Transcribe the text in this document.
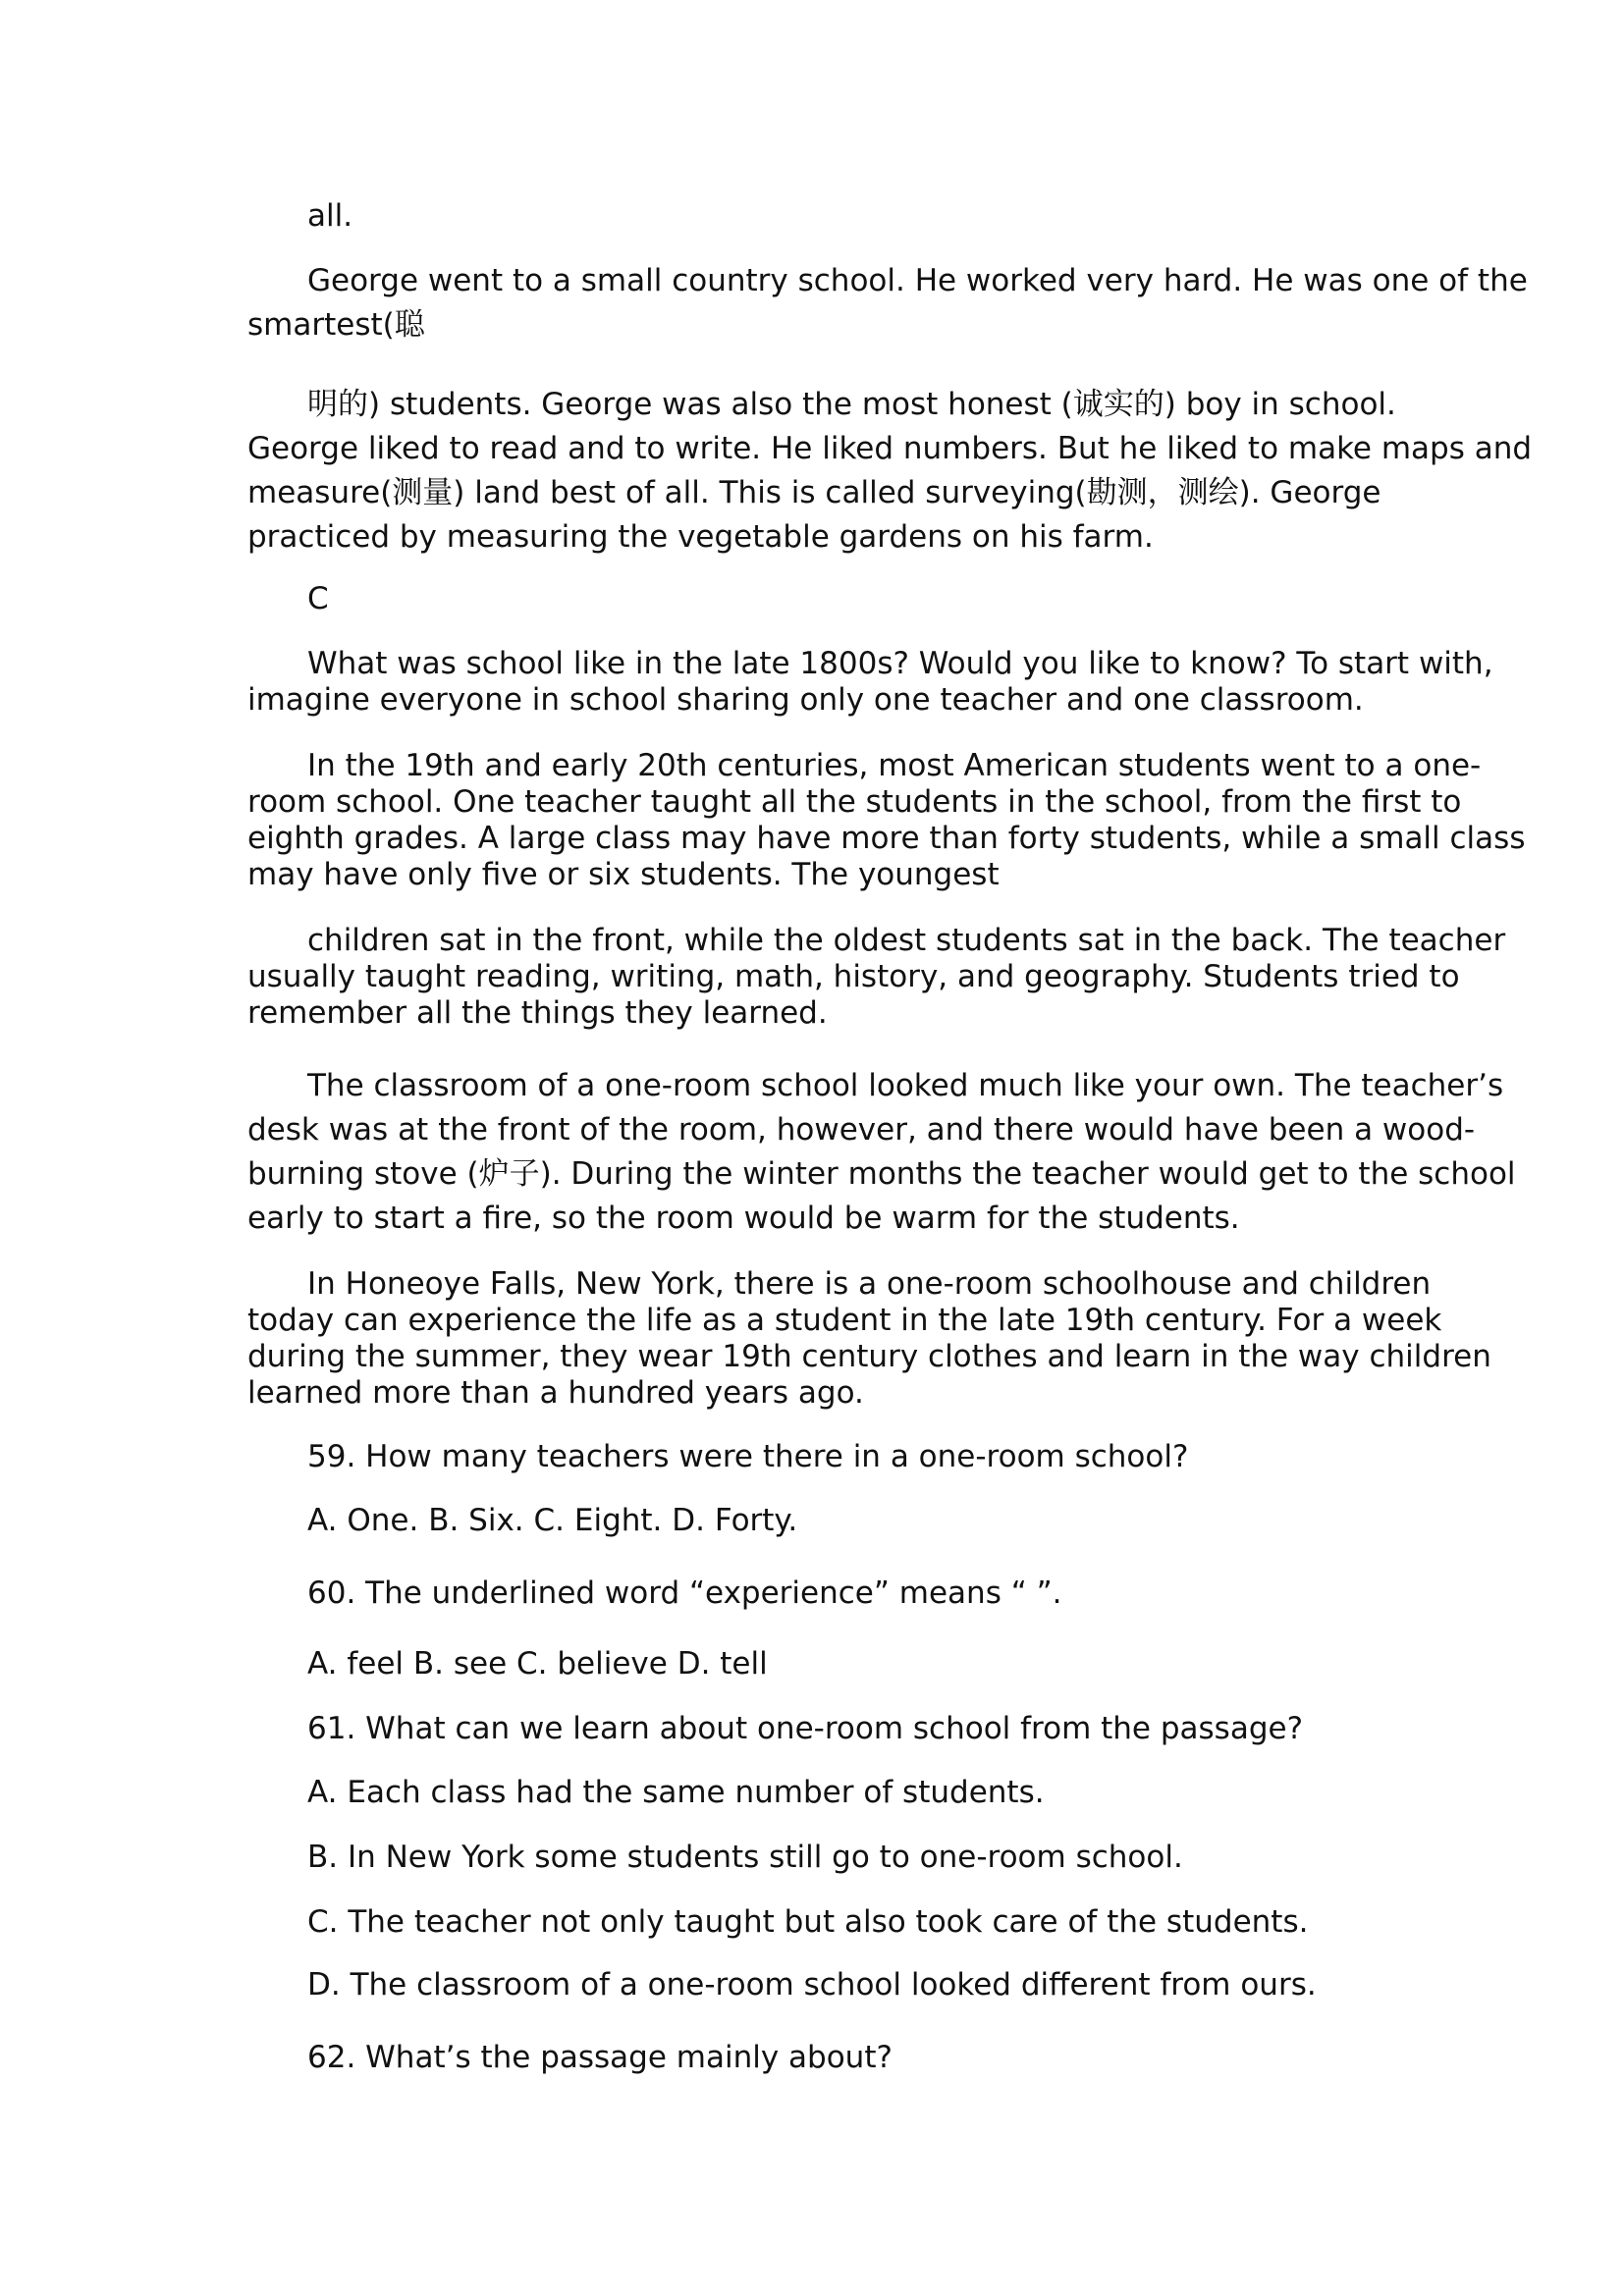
all.

George went to a small country school. He worked very hard. He was one of the
smartest(聪

明的) students. George was also the most honest (诚实的) boy in school.
George liked to read and to write. He liked numbers. But he liked to make maps and
measure(测量) land best of all. This is called surveying(勘测，测绘). George
practiced by measuring the vegetable gardens on his farm.

C

What was school like in the late 1800s? Would you like to know? To start with,
imagine everyone in school sharing only one teacher and one classroom.

In the 19th and early 20th centuries, most American students went to a one-
room school. One teacher taught all the students in the school, from the first to
eighth grades. A large class may have more than forty students, while a small class
may have only five or six students. The youngest

children sat in the front, while the oldest students sat in the back. The teacher
usually taught reading, writing, math, history, and geography. Students tried to
remember all the things they learned.

The classroom of a one-room school looked much like your own. The teacher’s
desk was at the front of the room, however, and there would have been a wood-
burning stove (炉子). During the winter months the teacher would get to the school
early to start a fire, so the room would be warm for the students.

In Honeoye Falls, New York, there is a one-room schoolhouse and children
today can experience the life as a student in the late 19th century. For a week
during the summer, they wear 19th century clothes and learn in the way children
learned more than a hundred years ago.

59. How many teachers were there in a one-room school?

A. One. B. Six. C. Eight. D. Forty.

60. The underlined word “experience” means “ ”.

A. feel B. see C. believe D. tell

61. What can we learn about one-room school from the passage?

A. Each class had the same number of students.

B. In New York some students still go to one-room school.

C. The teacher not only taught but also took care of the students.

D. The classroom of a one-room school looked different from ours.

62. What’s the passage mainly about?
